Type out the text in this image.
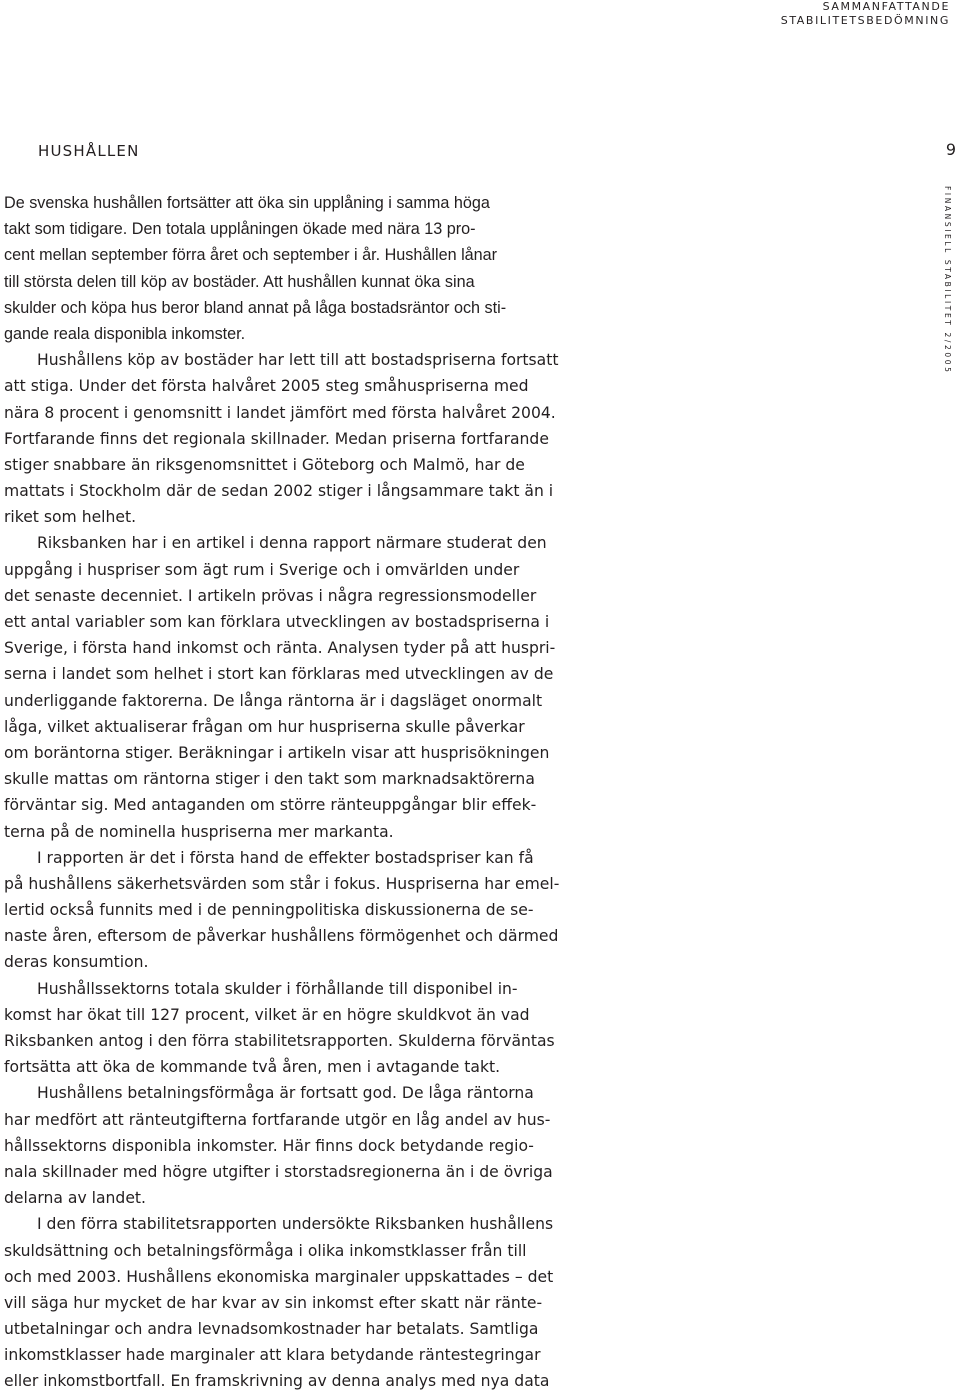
SAMMANFATTANDE
STABILITETSBEDÖMNING
HUSHÅLLEN	9
FINANSIELL STABILITET 2/2005
De svenska hushållen fortsätter att öka sin upplåning i samma höga
takt som tidigare. Den totala upplåningen ökade med nära 13 pro-
cent mellan september förra året och september i år. Hushållen lånar
till största delen till köp av bostäder. Att hushållen kunnat öka sina
skulder och köpa hus beror bland annat på låga bostadsräntor och sti-
gande reala disponibla inkomster.
Hushållens köp av bostäder har lett till att bostadspriserna fortsatt
att stiga. Under det första halvåret 2005 steg småhuspriserna med
nära 8 procent i genomsnitt i landet jämfört med första halvåret 2004.
Fortfarande finns det regionala skillnader. Medan priserna fortfarande
stiger snabbare än riksgenomsnittet i Göteborg och Malmö, har de
mattats i Stockholm där de sedan 2002 stiger i långsammare takt än i
riket som helhet.
Riksbanken har i en artikel i denna rapport närmare studerat den
uppgång i huspriser som ägt rum i Sverige och i omvärlden under
det senaste decenniet. I artikeln prövas i några regressionsmodeller
ett antal variabler som kan förklara utvecklingen av bostadspriserna i
Sverige, i första hand inkomst och ränta. Analysen tyder på att huspri-
serna i landet som helhet i stort kan förklaras med utvecklingen av de
underliggande faktorerna. De långa räntorna är i dagsläget onormalt
låga, vilket aktualiserar frågan om hur huspriserna skulle påverkar
om boräntorna stiger. Beräkningar i artikeln visar att husprisökningen
skulle mattas om räntorna stiger i den takt som marknadsaktörerna
förväntar sig. Med antaganden om större ränteuppgångar blir effek-
terna på de nominella huspriserna mer markanta.
I rapporten är det i första hand de effekter bostadspriser kan få
på hushållens säkerhetsvärden som står i fokus. Huspriserna har emel-
lertid också funnits med i de penningpolitiska diskussionerna de se-
naste åren, eftersom de påverkar hushållens förmögenhet och därmed
deras konsumtion.
Hushållssektorns totala skulder i förhållande till disponibel in-
komst har ökat till 127 procent, vilket är en högre skuldkvot än vad
Riksbanken antog i den förra stabilitetsrapporten. Skulderna förväntas
fortsätta att öka de kommande två åren, men i avtagande takt.
Hushållens betalningsförmåga är fortsatt god. De låga räntorna
har medfört att ränteutgifterna fortfarande utgör en låg andel av hus-
hållssektorns disponibla inkomster. Här finns dock betydande regio-
nala skillnader med högre utgifter i storstadsregionerna än i de övriga
delarna av landet.
I den förra stabilitetsrapporten undersökte Riksbanken hushållens
skuldsättning och betalningsförmåga i olika inkomstklasser från till
och med 2003. Hushållens ekonomiska marginaler uppskattades – det
vill säga hur mycket de har kvar av sin inkomst efter skatt när ränte-
utbetalningar och andra levnadsomkostnader har betalats. Samtliga
inkomstklasser hade marginaler att klara betydande räntestegringar
eller inkomstbortfall. En framskrivning av denna analys med nya data
